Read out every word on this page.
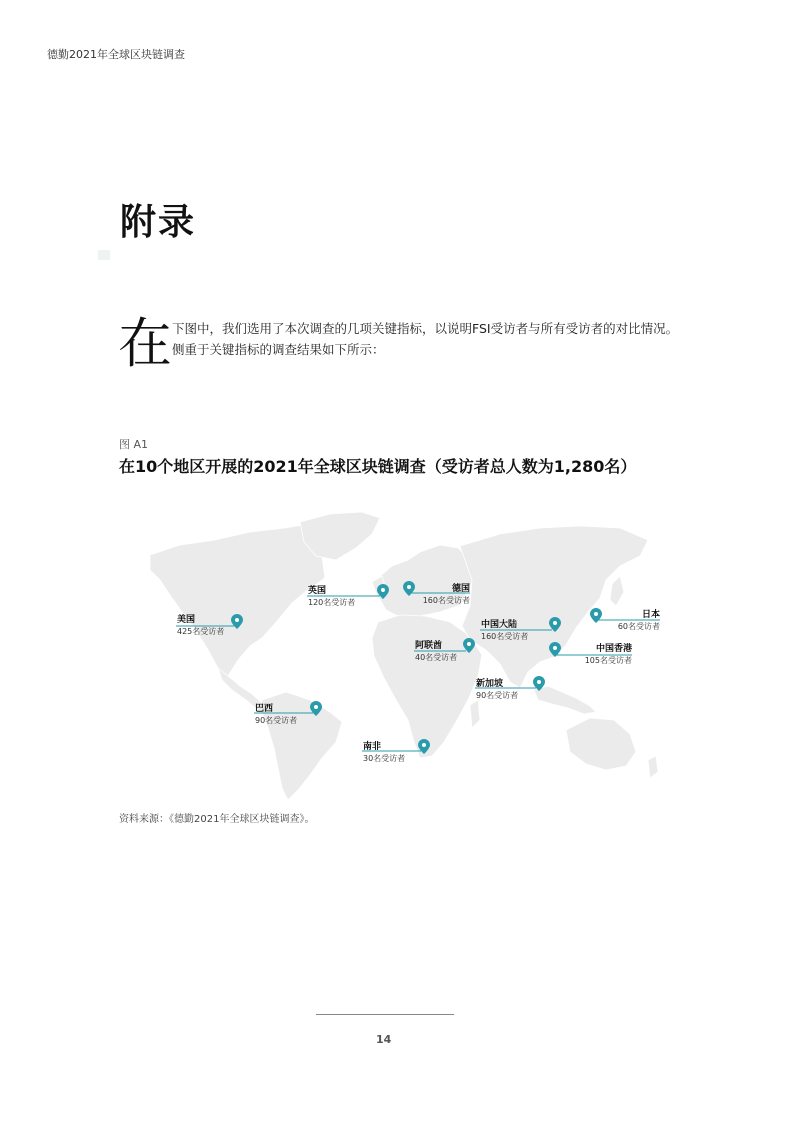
德勤2021年全球区块链调查
附录
在 下图中，我们选用了本次调查的几项关键指标，以说明FSI受访者与所有受访者的对比情况。
侧重于关键指标的调查结果如下所示：
图 A1
在10个地区开展的2021年全球区块链调查（受访者总人数为1,280名）
美国
425名受访者
英国
120名受访者
德国
160名受访者
日本
60名受访者
中国大陆
160名受访者
阿联酋
40名受访者
中国香港
105名受访者
新加坡
90名受访者
巴西
90名受访者
南非
30名受访者
资料来源：《德勤2021年全球区块链调查》。
14
